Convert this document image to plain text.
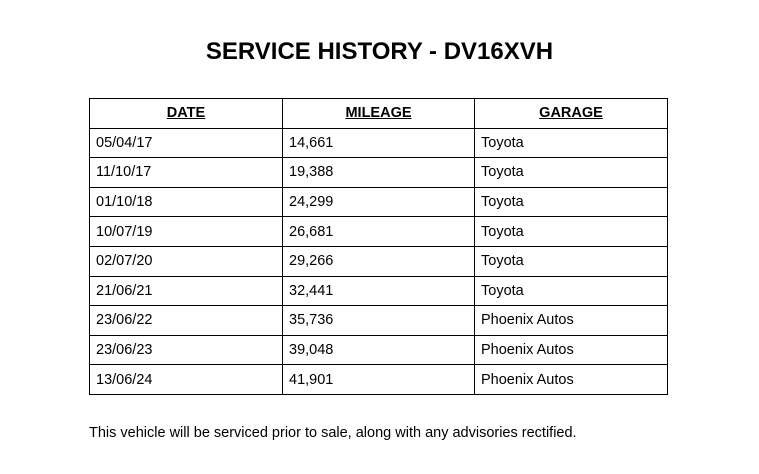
SERVICE HISTORY - DV16XVH
DATE	MILEAGE	GARAGE
05/04/17	14,661	Toyota
11/10/17	19,388	Toyota
01/10/18	24,299	Toyota
10/07/19	26,681	Toyota
02/07/20	29,266	Toyota
21/06/21	32,441	Toyota
23/06/22	35,736	Phoenix Autos
23/06/23	39,048	Phoenix Autos
13/06/24	41,901	Phoenix Autos

This vehicle will be serviced prior to sale, along with any advisories rectified.
